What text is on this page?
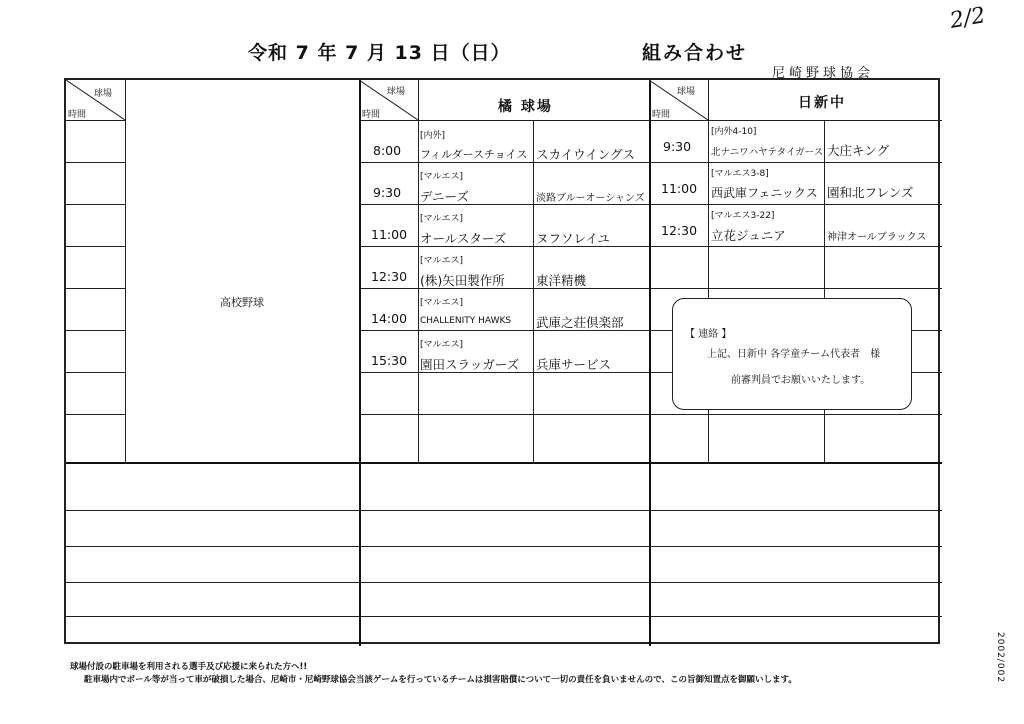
令和 7 年 7 月 13 日（日）	組み合わせ
尼崎野球協会
2/2
2002/002
球場
時間
球場
時間
球場
時間
高校野球
橘 球場	日新中
8:00
[内外]
フィルダースチョイス スカイウイングス
9:30
[マルエス]
デニーズ	淡路ブルーオーシャンズ
11:00
[マルエス]
オールスターズ ヌフソレイユ
12:30
[マルエス]
(株)矢田製作所 東洋精機
14:00
[マルエス]
CHALLENITY HAWKS 武庫之荘倶楽部
15:30
[マルエス]
園田スラッガーズ 兵庫サービス
9:30
[内外4-10]
北ナニワハヤテタイガース 大庄キング
11:00
[マルエス3-8]
西武庫フェニックス 園和北フレンズ
12:30
[マルエス3-22]
立花ジュニア	神津オールブラックス
【 連絡 】
上記、日新中 各学童チーム代表者　様
前審判員でお願いいたします。
球場付設の駐車場を利用される選手及び応援に来られた方へ!!
駐車場内でボール等が当って車が破損した場合、尼崎市・尼崎野球協会当該ゲームを行っているチームは損害賠償について一切の責任を負いませんので、この旨御知置点を御願いします。
